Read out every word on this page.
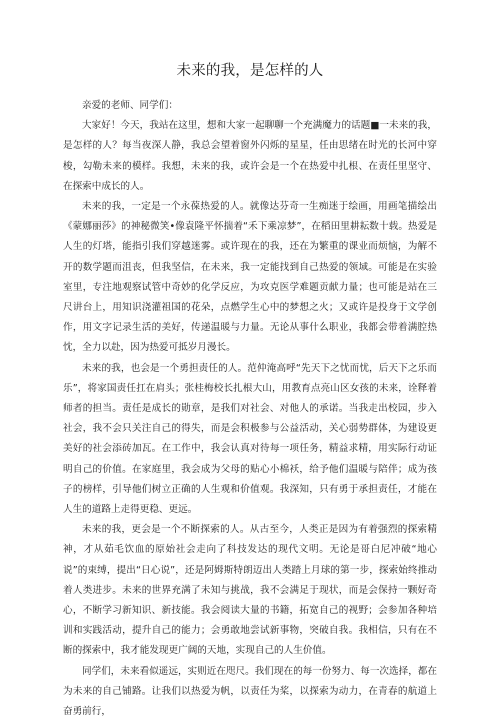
未来的我，是怎样的人

亲爱的老师、同学们：

大家好！今天，我站在这里，想和大家一起聊聊一个充满魔力的话题■一未来的我，是怎样的人？每当夜深人静，我总会望着窗外闪烁的星星，任由思绪在时光的长河中穿梭，勾勒未来的模样。我想，未来的我，或许会是一个在热爱中扎根、在责任里坚守、在探索中成长的人。

未来的我，一定是一个永葆热爱的人。就像达芬奇一生痴迷于绘画，用画笔描绘出《蒙娜丽莎》的神秘微笑•像袁隆平怀揣着“禾下乘凉梦”，在稻田里耕耘数十载。热爱是人生的灯塔，能指引我们穿越迷雾。或许现在的我，还在为繁重的课业而烦恼，为解不开的数学题而沮丧，但我坚信，在未来，我一定能找到自己热爱的领域。可能是在实验室里，专注地观察试管中奇妙的化学反应，为攻克医学难题贡献力量；也可能是站在三尺讲台上，用知识浇灌祖国的花朵，点燃学生心中的梦想之火；又或许是投身于文学创作，用文字记录生活的美好，传递温暖与力量。无论从事什么职业，我都会带着满腔热忱，全力以赴，因为热爱可抵岁月漫长。

未来的我，也会是一个勇担责任的人。范仲淹高呼“先天下之忧而忧，后天下之乐而乐”，将家国责任扛在肩头；张桂梅校长扎根大山，用教育点亮山区女孩的未来，诠释着师者的担当。责任是成长的勋章，是我们对社会、对他人的承诺。当我走出校园，步入社会，我不会只关注自己的得失，而是会积极参与公益活动，关心弱势群体，为建设更美好的社会添砖加瓦。在工作中，我会认真对待每一项任务，精益求精，用实际行动证明自己的价值。在家庭里，我会成为父母的贴心小棉袄，给予他们温暖与陪伴；成为孩子的榜样，引导他们树立正确的人生观和价值观。我深知，只有勇于承担责任，才能在人生的道路上走得更稳、更远。

未来的我，更会是一个不断探索的人。从古至今，人类正是因为有着强烈的探索精神，才从茹毛饮血的原始社会走向了科技发达的现代文明。无论是哥白尼冲破“地心说”的束缚，提出“日心说”，还是阿姆斯特朗迈出人类踏上月球的第一步，探索始终推动着人类进步。未来的世界充满了未知与挑战，我不会满足于现状，而是会保持一颗好奇心，不断学习新知识、新技能。我会阅读大量的书籍，拓宽自己的视野；会参加各种培训和实践活动，提升自己的能力；会勇敢地尝试新事物，突破自我。我相信，只有在不断的探索中，我才能发现更广阔的天地，实现自己的人生价值。

同学们，未来看似遥远，实则近在咫尺。我们现在的每一份努力、每一次选择，都在为未来的自己铺路。让我们以热爱为帆，以责任为桨，以探索为动力，在青春的航道上奋勇前行，
